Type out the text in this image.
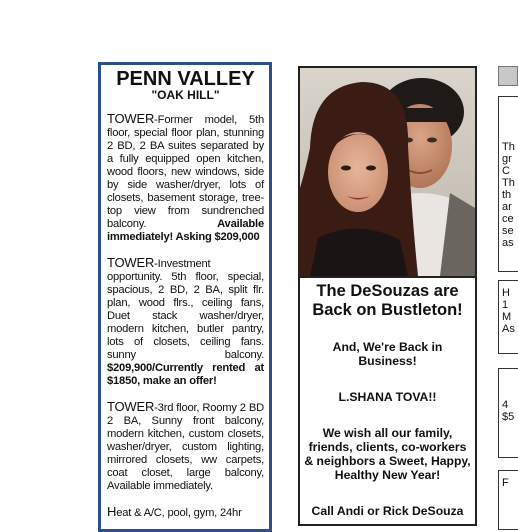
PENN VALLEY
"OAK HILL"
TOWER-Former model, 5th floor, special floor plan, stunning 2 BD, 2 BA suites separated by a fully equipped open kitchen, wood floors, new windows, side by side washer/dryer, lots of closets, basement storage, tree-top view from sundrenched balcony. Available immediately! Asking $209,000
TOWER-Investment opportunity. 5th floor, special, spacious, 2 BD, 2 BA, split flr. plan, wood flrs., ceiling fans, Duet stack washer/dryer, modern kitchen, butler pantry, lots of closets, ceiling fans. sunny balcony. $209,900/Currently rented at $1850, make an offer!
TOWER-3rd floor, Roomy 2 BD 2 BA, Sunny front balcony, modern kitchen, custom closets, washer/dryer, custom lighting, mirrored closets, ww carpets, coat closet, large balcony, Available immediately.
Heat & A/C, pool, gym, 24hr
The DeSouzas are Back on Bustleton!
And, We're Back in Business!
L.SHANA TOVA!!
We wish all our family, friends, clients, co-workers & neighbors a Sweet, Happy, Healthy New Year!
Call Andi or Rick DeSouza
Th
gr
C
Th
th
ar
ce
se
as
H
1
M
As
4
$5
F
